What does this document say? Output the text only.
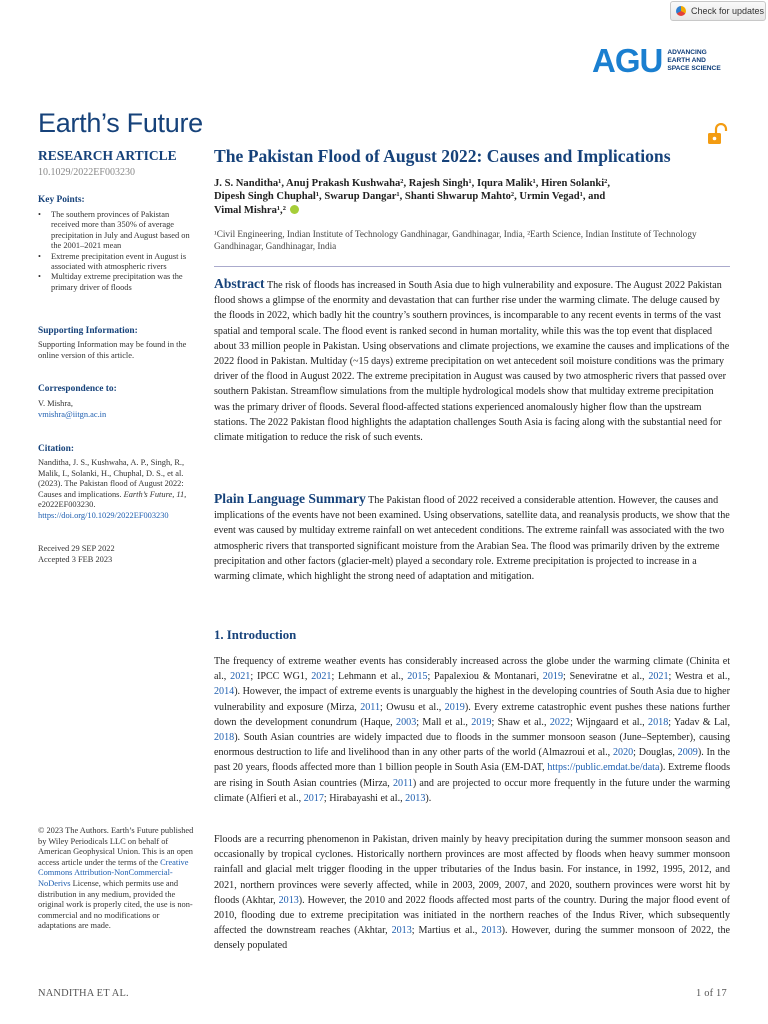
Check for updates
AGU ADVANCING
EARTH AND
SPACE SCIENCE
Earth’s Future
RESEARCH ARTICLE
10.1029/2022EF003230
Key Points:
• The southern provinces of Pakistan received more than 350% of average precipitation in July and August based on the 2001–2021 mean
• Extreme precipitation event in August is associated with atmospheric rivers
• Multiday extreme precipitation was the primary driver of floods
Supporting Information:
Supporting Information may be found in the online version of this article.
Correspondence to:
V. Mishra,
vmishra@iitgn.ac.in
Citation:
Nanditha, J. S., Kushwaha, A. P., Singh, R., Malik, I., Solanki, H., Chuphal, D. S., et al. (2023). The Pakistan flood of August 2022: Causes and implications. Earth’s Future, 11, e2022EF003230. https://doi.org/10.1029/2022EF003230
Received 29 SEP 2022
Accepted 3 FEB 2023
© 2023 The Authors. Earth’s Future published by Wiley Periodicals LLC on behalf of American Geophysical Union. This is an open access article under the terms of the Creative Commons Attribution-NonCommercial-NoDerivs License, which permits use and distribution in any medium, provided the original work is properly cited, the use is non-commercial and no modifications or adaptations are made.
The Pakistan Flood of August 2022: Causes and Implications
J. S. Nanditha¹, Anuj Prakash Kushwaha², Rajesh Singh¹, Iqura Malik¹, Hiren Solanki²,
Dipesh Singh Chuphal¹, Swarup Dangar¹, Shanti Shwarup Mahto², Urmin Vegad¹, and
Vimal Mishra¹,²
¹Civil Engineering, Indian Institute of Technology Gandhinagar, Gandhinagar, India, ²Earth Science, Indian Institute of Technology Gandhinagar, Gandhinagar, India
Abstract The risk of floods has increased in South Asia due to high vulnerability and exposure. The August 2022 Pakistan flood shows a glimpse of the enormity and devastation that can further rise under the warming climate. The deluge caused by the floods in 2022, which badly hit the country’s southern provinces, is incomparable to any recent events in terms of the vast spatial and temporal scale. The flood event is ranked second in human mortality, while this was the top event that displaced about 33 million people in Pakistan. Using observations and climate projections, we examine the causes and implications of the 2022 flood in Pakistan. Multiday (~15 days) extreme precipitation on wet antecedent soil moisture conditions was the primary driver of the flood in August 2022. The extreme precipitation in August was caused by two atmospheric rivers that passed over southern Pakistan. Streamflow simulations from the multiple hydrological models show that multiday extreme precipitation was the primary driver of floods. Several flood-affected stations experienced anomalously higher flow than the upstream stations. The 2022 Pakistan flood highlights the adaptation challenges South Asia is facing along with the substantial need for climate mitigation to reduce the risk of such events.
Plain Language Summary The Pakistan flood of 2022 received a considerable attention. However, the causes and implications of the events have not been examined. Using observations, satellite data, and reanalysis products, we show that the event was caused by multiday extreme rainfall on wet antecedent conditions. The extreme rainfall was associated with the two atmospheric rivers that transported significant moisture from the Arabian Sea. The flood was primarily driven by the extreme precipitation and other factors (glacier-melt) played a secondary role. Extreme precipitation is projected to increase in a warming climate, which highlight the strong need of adaptation and mitigation.
1. Introduction
The frequency of extreme weather events has considerably increased across the globe under the warming climate (Chinita et al., 2021; IPCC WG1, 2021; Lehmann et al., 2015; Papalexiou & Montanari, 2019; Seneviratne et al., 2021; Westra et al., 2014). However, the impact of extreme events is unarguably the highest in the developing countries of South Asia due to higher vulnerability and exposure (Mirza, 2011; Owusu et al., 2019). Every extreme catastrophic event pushes these nations further down the development conundrum (Haque, 2003; Mall et al., 2019; Shaw et al., 2022; Wijngaard et al., 2018; Yadav & Lal, 2018). South Asian countries are widely impacted due to floods in the summer monsoon season (June–September), causing enormous destruction to life and livelihood than in any other parts of the world (Almazroui et al., 2020; Douglas, 2009). In the past 20 years, floods affected more than 1 billion people in South Asia (EM-DAT, https://public.emdat.be/data). Extreme floods are rising in South Asian countries (Mirza, 2011) and are projected to occur more frequently in the future under the warming climate (Alfieri et al., 2017; Hirabayashi et al., 2013).
Floods are a recurring phenomenon in Pakistan, driven mainly by heavy precipitation during the summer monsoon season and occasionally by tropical cyclones. Historically northern provinces are most affected by floods when heavy summer monsoon rainfall and glacial melt trigger flooding in the upper tributaries of the Indus basin. For instance, in 1992, 1995, 2012, and 2021, northern provinces were severly affected, while in 2003, 2009, 2007, and 2020, southern provinces were worst hit by floods (Akhtar, 2013). However, the 2010 and 2022 floods affected most parts of the country. During the major flood event of 2010, flooding due to extreme precipitation was initiated in the northern reaches of the Indus River, which subsequently affected the downstream reaches (Akhtar, 2013; Martius et al., 2013). However, during the summer monsoon of 2022, the densely populated
NANDITHA ET AL.	1 of 17
